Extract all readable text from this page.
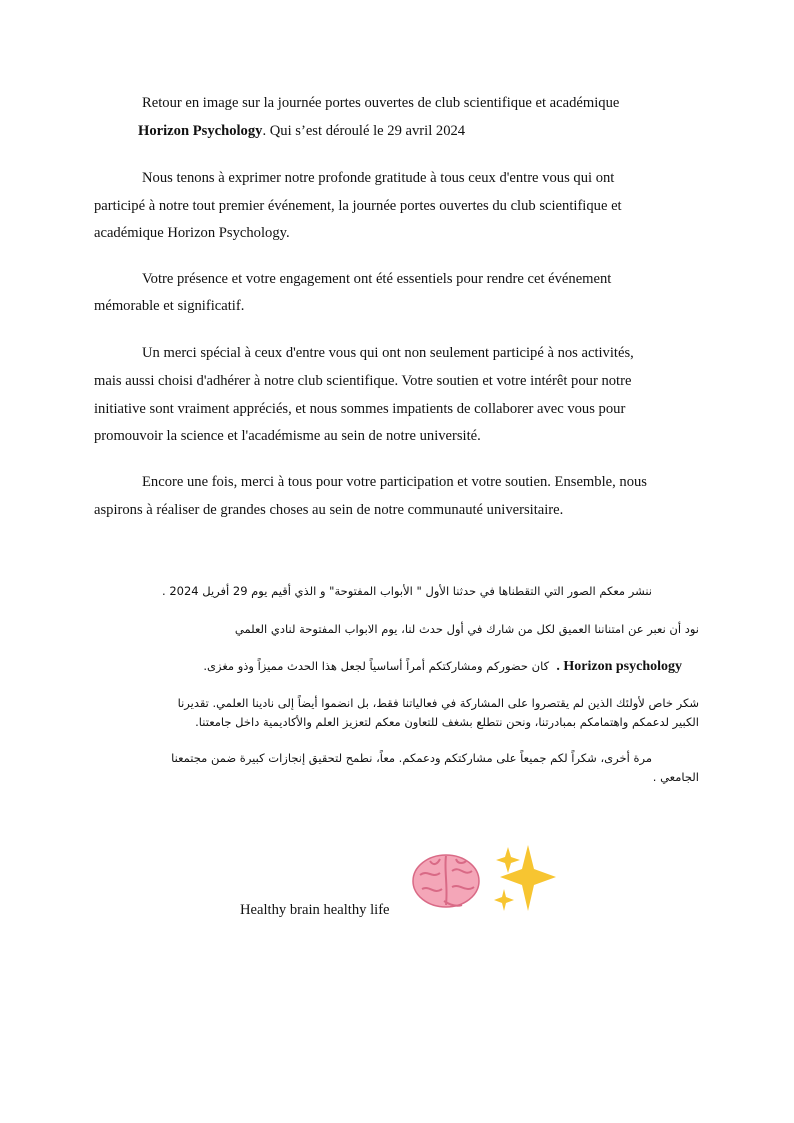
Retour en image sur la journée portes ouvertes de club scientifique et académique
Horizon Psychology. Qui s’est déroulé le 29 avril 2024
Nous tenons à exprimer notre profonde gratitude à tous ceux d'entre vous qui ont
participé à notre tout premier événement, la journée portes ouvertes du club scientifique et
académique Horizon Psychology.
Votre présence et votre engagement ont été essentiels pour rendre cet événement
mémorable et significatif.
Un merci spécial à ceux d'entre vous qui ont non seulement participé à nos activités,
mais aussi choisi d'adhérer à notre club scientifique. Votre soutien et votre intérêt pour notre
initiative sont vraiment appréciés, et nous sommes impatients de collaborer avec vous pour
promouvoir la science et l'académisme au sein de notre université.
Encore une fois, merci à tous pour votre participation et votre soutien. Ensemble, nous
aspirons à réaliser de grandes choses au sein de notre communauté universitaire.
ننشر معكم الصور التي التقطناها في حدثنا الأول " الأبواب المفتوحة" و الذي أقيم يوم 29 أفريل 2024 .
نود أن نعبر عن امتناننا العميق لكل من شارك في أول حدث لنا، يوم الابواب المفتوحة لنادي العلمي
Horizon psychology .  كان حضوركم ومشاركتكم أمراً أساسياً لجعل هذا الحدث مميزاً وذو مغزى.
شكر خاص لأولئك الذين لم يقتصروا على المشاركة في فعالياتنا فقط، بل انضموا أيضاً إلى نادينا العلمي. تقديرنا
الكبير لدعمكم واهتمامكم بمبادرتنا، ونحن نتطلع بشغف للتعاون معكم لتعزيز العلم والأكاديمية داخل جامعتنا.
مرة أخرى، شكراً لكم جميعاً على مشاركتكم ودعمكم. معاً، نطمح لتحقيق إنجازات كبيرة ضمن مجتمعنا
الجامعي .
Healthy brain healthy life
